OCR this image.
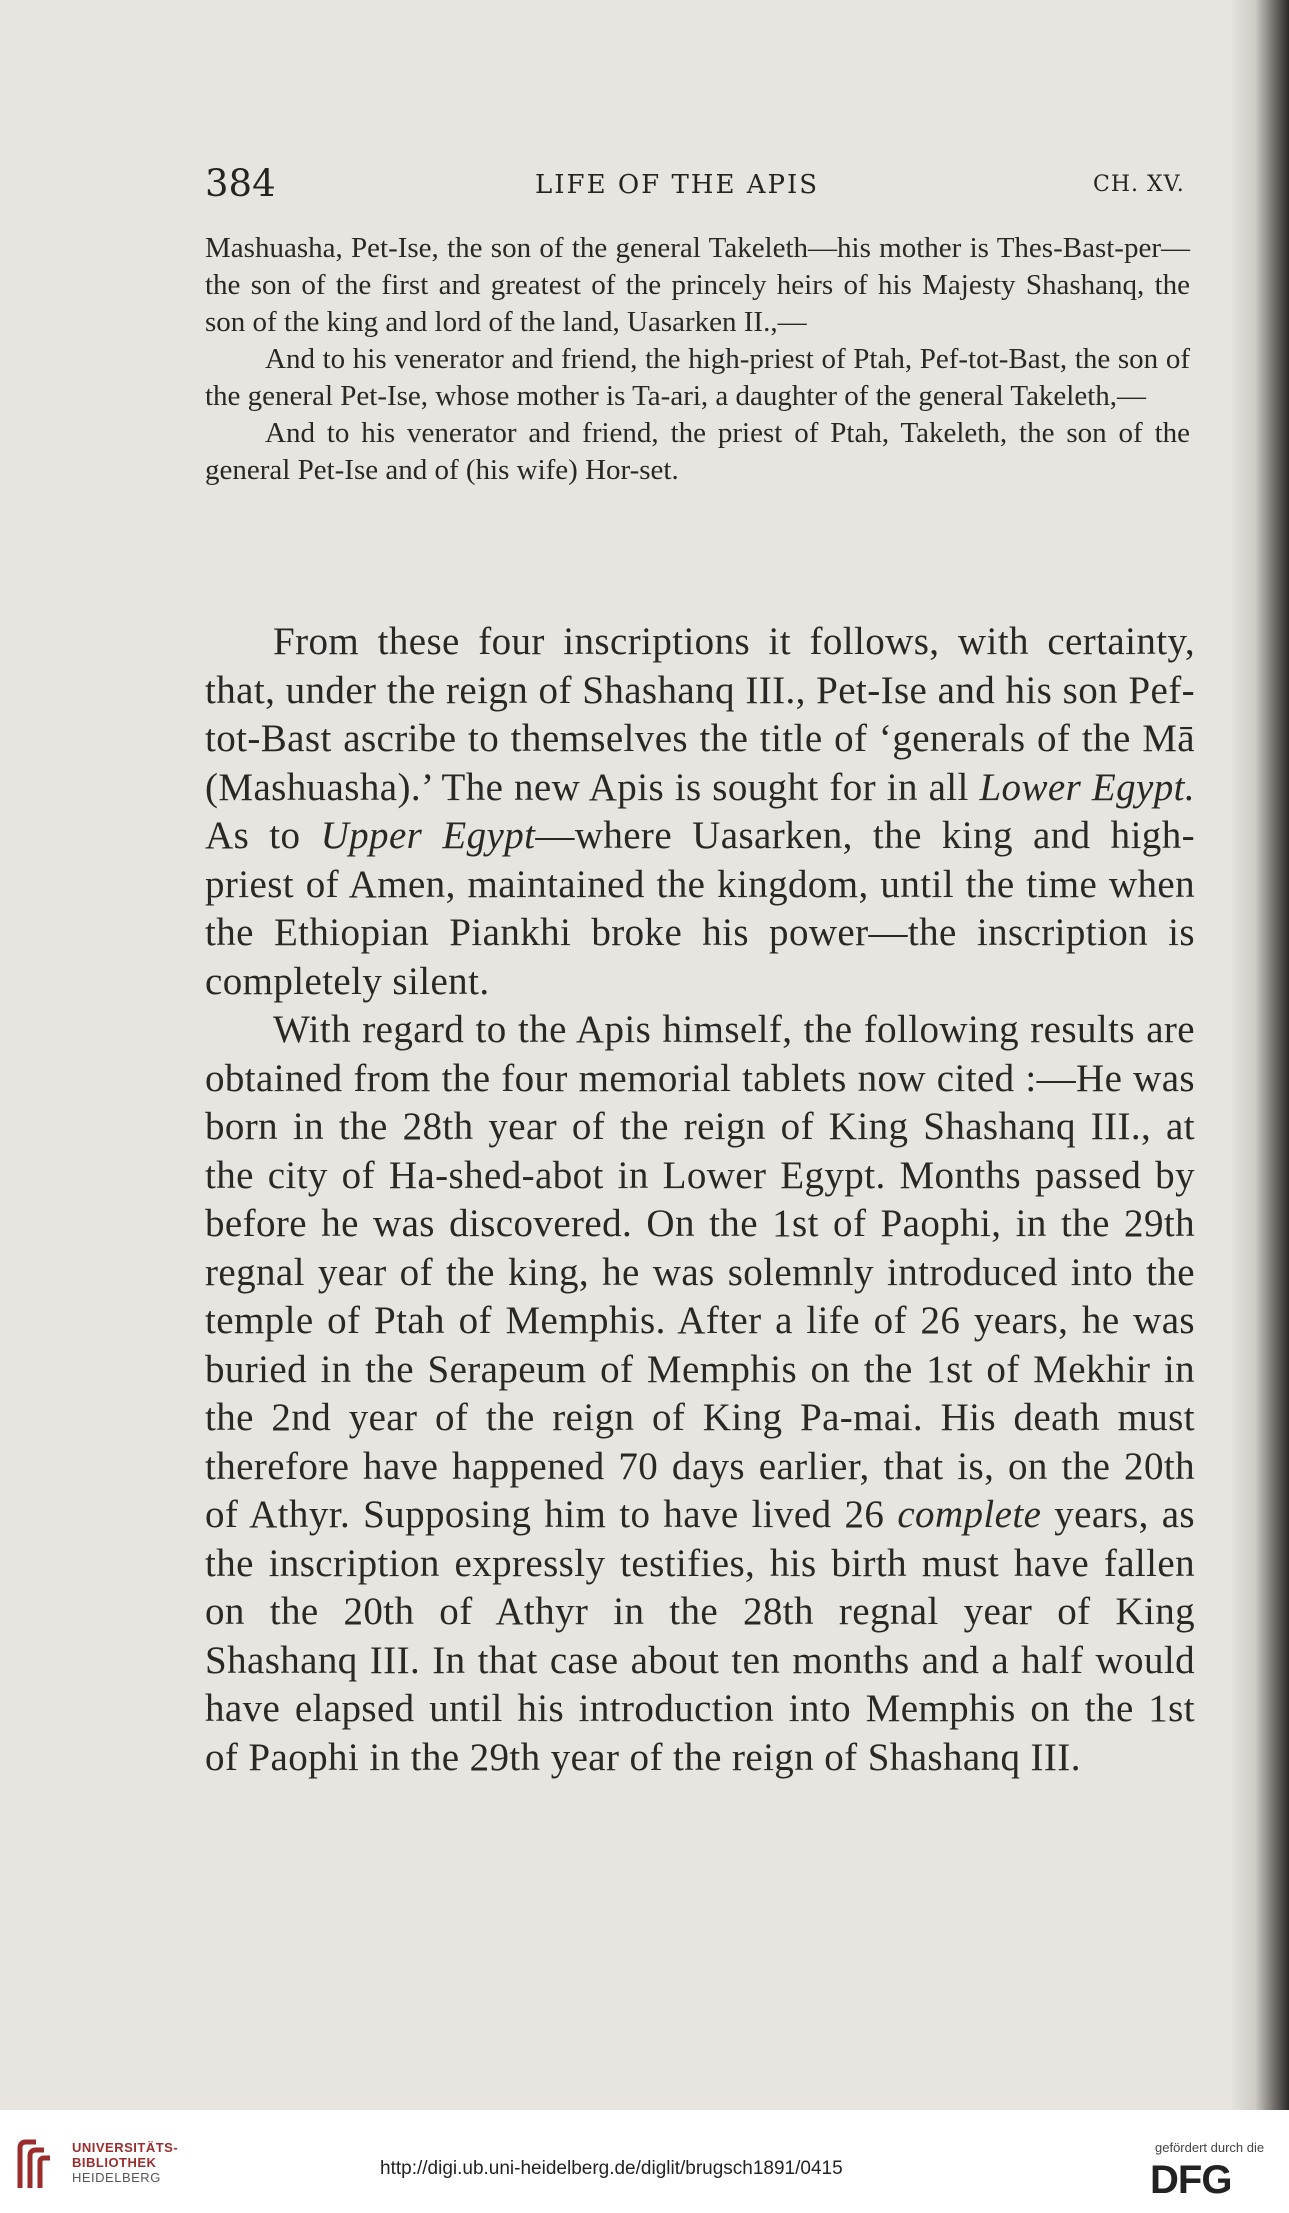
384	LIFE OF THE APIS	CH. XV.

Mashuasha, Pet-Ise, the son of the general Takeleth—his mother is Thes-Bast-per—the son of the first and greatest of the princely heirs of his Majesty Shashanq, the son of the king and lord of the land, Uasarken II.,—

And to his venerator and friend, the high-priest of Ptah, Pef-tot-Bast, the son of the general Pet-Ise, whose mother is Ta-ari, a daughter of the general Takeleth,—

And to his venerator and friend, the priest of Ptah, Takeleth, the son of the general Pet-Ise and of (his wife) Hor-set.

From these four inscriptions it follows, with certainty, that, under the reign of Shashanq III., Pet-Ise and his son Pef-tot-Bast ascribe to themselves the title of ‘generals of the Mā (Mashuasha).’ The new Apis is sought for in all Lower Egypt. As to Upper Egypt—where Uasarken, the king and high-priest of Amen, maintained the kingdom, until the time when the Ethiopian Piankhi broke his power—the inscription is completely silent.

With regard to the Apis himself, the following results are obtained from the four memorial tablets now cited :—He was born in the 28th year of the reign of King Shashanq III., at the city of Ha-shed-abot in Lower Egypt. Months passed by before he was discovered. On the 1st of Paophi, in the 29th regnal year of the king, he was solemnly introduced into the temple of Ptah of Memphis. After a life of 26 years, he was buried in the Serapeum of Memphis on the 1st of Mekhir in the 2nd year of the reign of King Pa-mai. His death must therefore have happened 70 days earlier, that is, on the 20th of Athyr. Supposing him to have lived 26 complete years, as the inscription expressly testifies, his birth must have fallen on the 20th of Athyr in the 28th regnal year of King Shashanq III. In that case about ten months and a half would have elapsed until his introduction into Memphis on the 1st of Paophi in the 29th year of the reign of Shashanq III.

UNIVERSITÄTS-
BIBLIOTHEK
HEIDELBERG	http://digi.ub.uni-heidelberg.de/diglit/brugsch1891/0415
gefördert durch die
DFG
